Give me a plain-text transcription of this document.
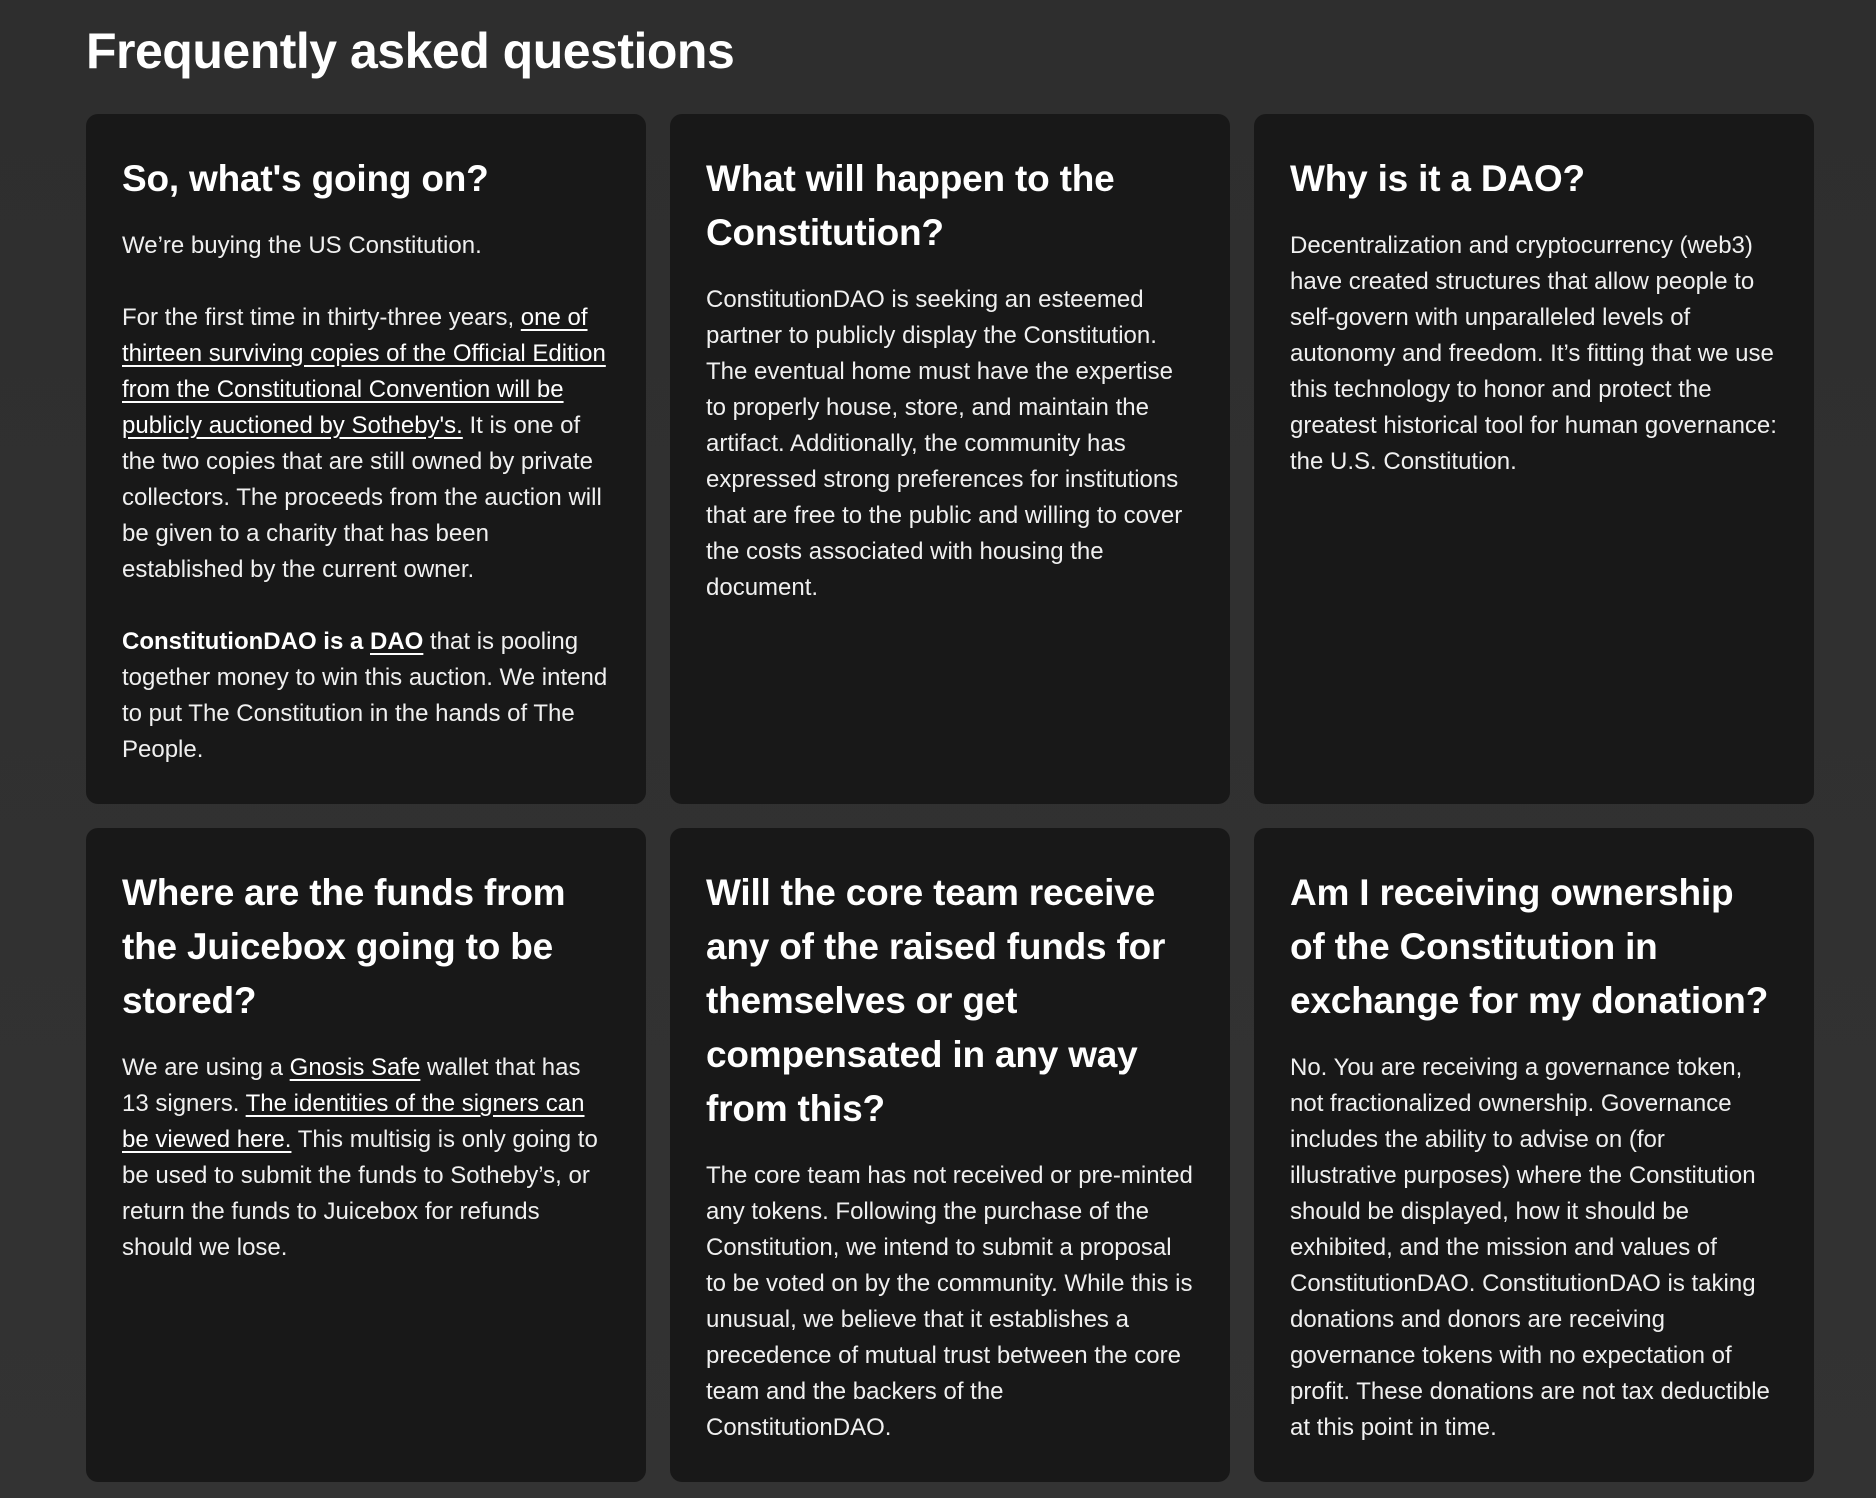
Frequently asked questions
So, what's going on?

We’re buying the US Constitution.

For the first time in thirty-three years, one of thirteen surviving copies of the Official Edition from the Constitutional Convention will be publicly auctioned by Sotheby's. It is one of the two copies that are still owned by private collectors. The proceeds from the auction will be given to a charity that has been established by the current owner.

ConstitutionDAO is a DAO that is pooling together money to win this auction. We intend to put The Constitution in the hands of The People.

What will happen to the Constitution?

ConstitutionDAO is seeking an esteemed partner to publicly display the Constitution. The eventual home must have the expertise to properly house, store, and maintain the artifact. Additionally, the community has expressed strong preferences for institutions that are free to the public and willing to cover the costs associated with housing the document.

Why is it a DAO?

Decentralization and cryptocurrency (web3) have created structures that allow people to self-govern with unparalleled levels of autonomy and freedom. It’s fitting that we use this technology to honor and protect the greatest historical tool for human governance: the U.S. Constitution.

Where are the funds from the Juicebox going to be stored?

We are using a Gnosis Safe wallet that has 13 signers. The identities of the signers can be viewed here. This multisig is only going to be used to submit the funds to Sotheby’s, or return the funds to Juicebox for refunds should we lose.

Will the core team receive any of the raised funds for themselves or get compensated in any way from this?

The core team has not received or pre-minted any tokens. Following the purchase of the Constitution, we intend to submit a proposal to be voted on by the community. While this is unusual, we believe that it establishes a precedence of mutual trust between the core team and the backers of the ConstitutionDAO.

Am I receiving ownership of the Constitution in exchange for my donation?

No. You are receiving a governance token, not fractionalized ownership. Governance includes the ability to advise on (for illustrative purposes) where the Constitution should be displayed, how it should be exhibited, and the mission and values of ConstitutionDAO. ConstitutionDAO is taking donations and donors are receiving governance tokens with no expectation of profit. These donations are not tax deductible at this point in time.
